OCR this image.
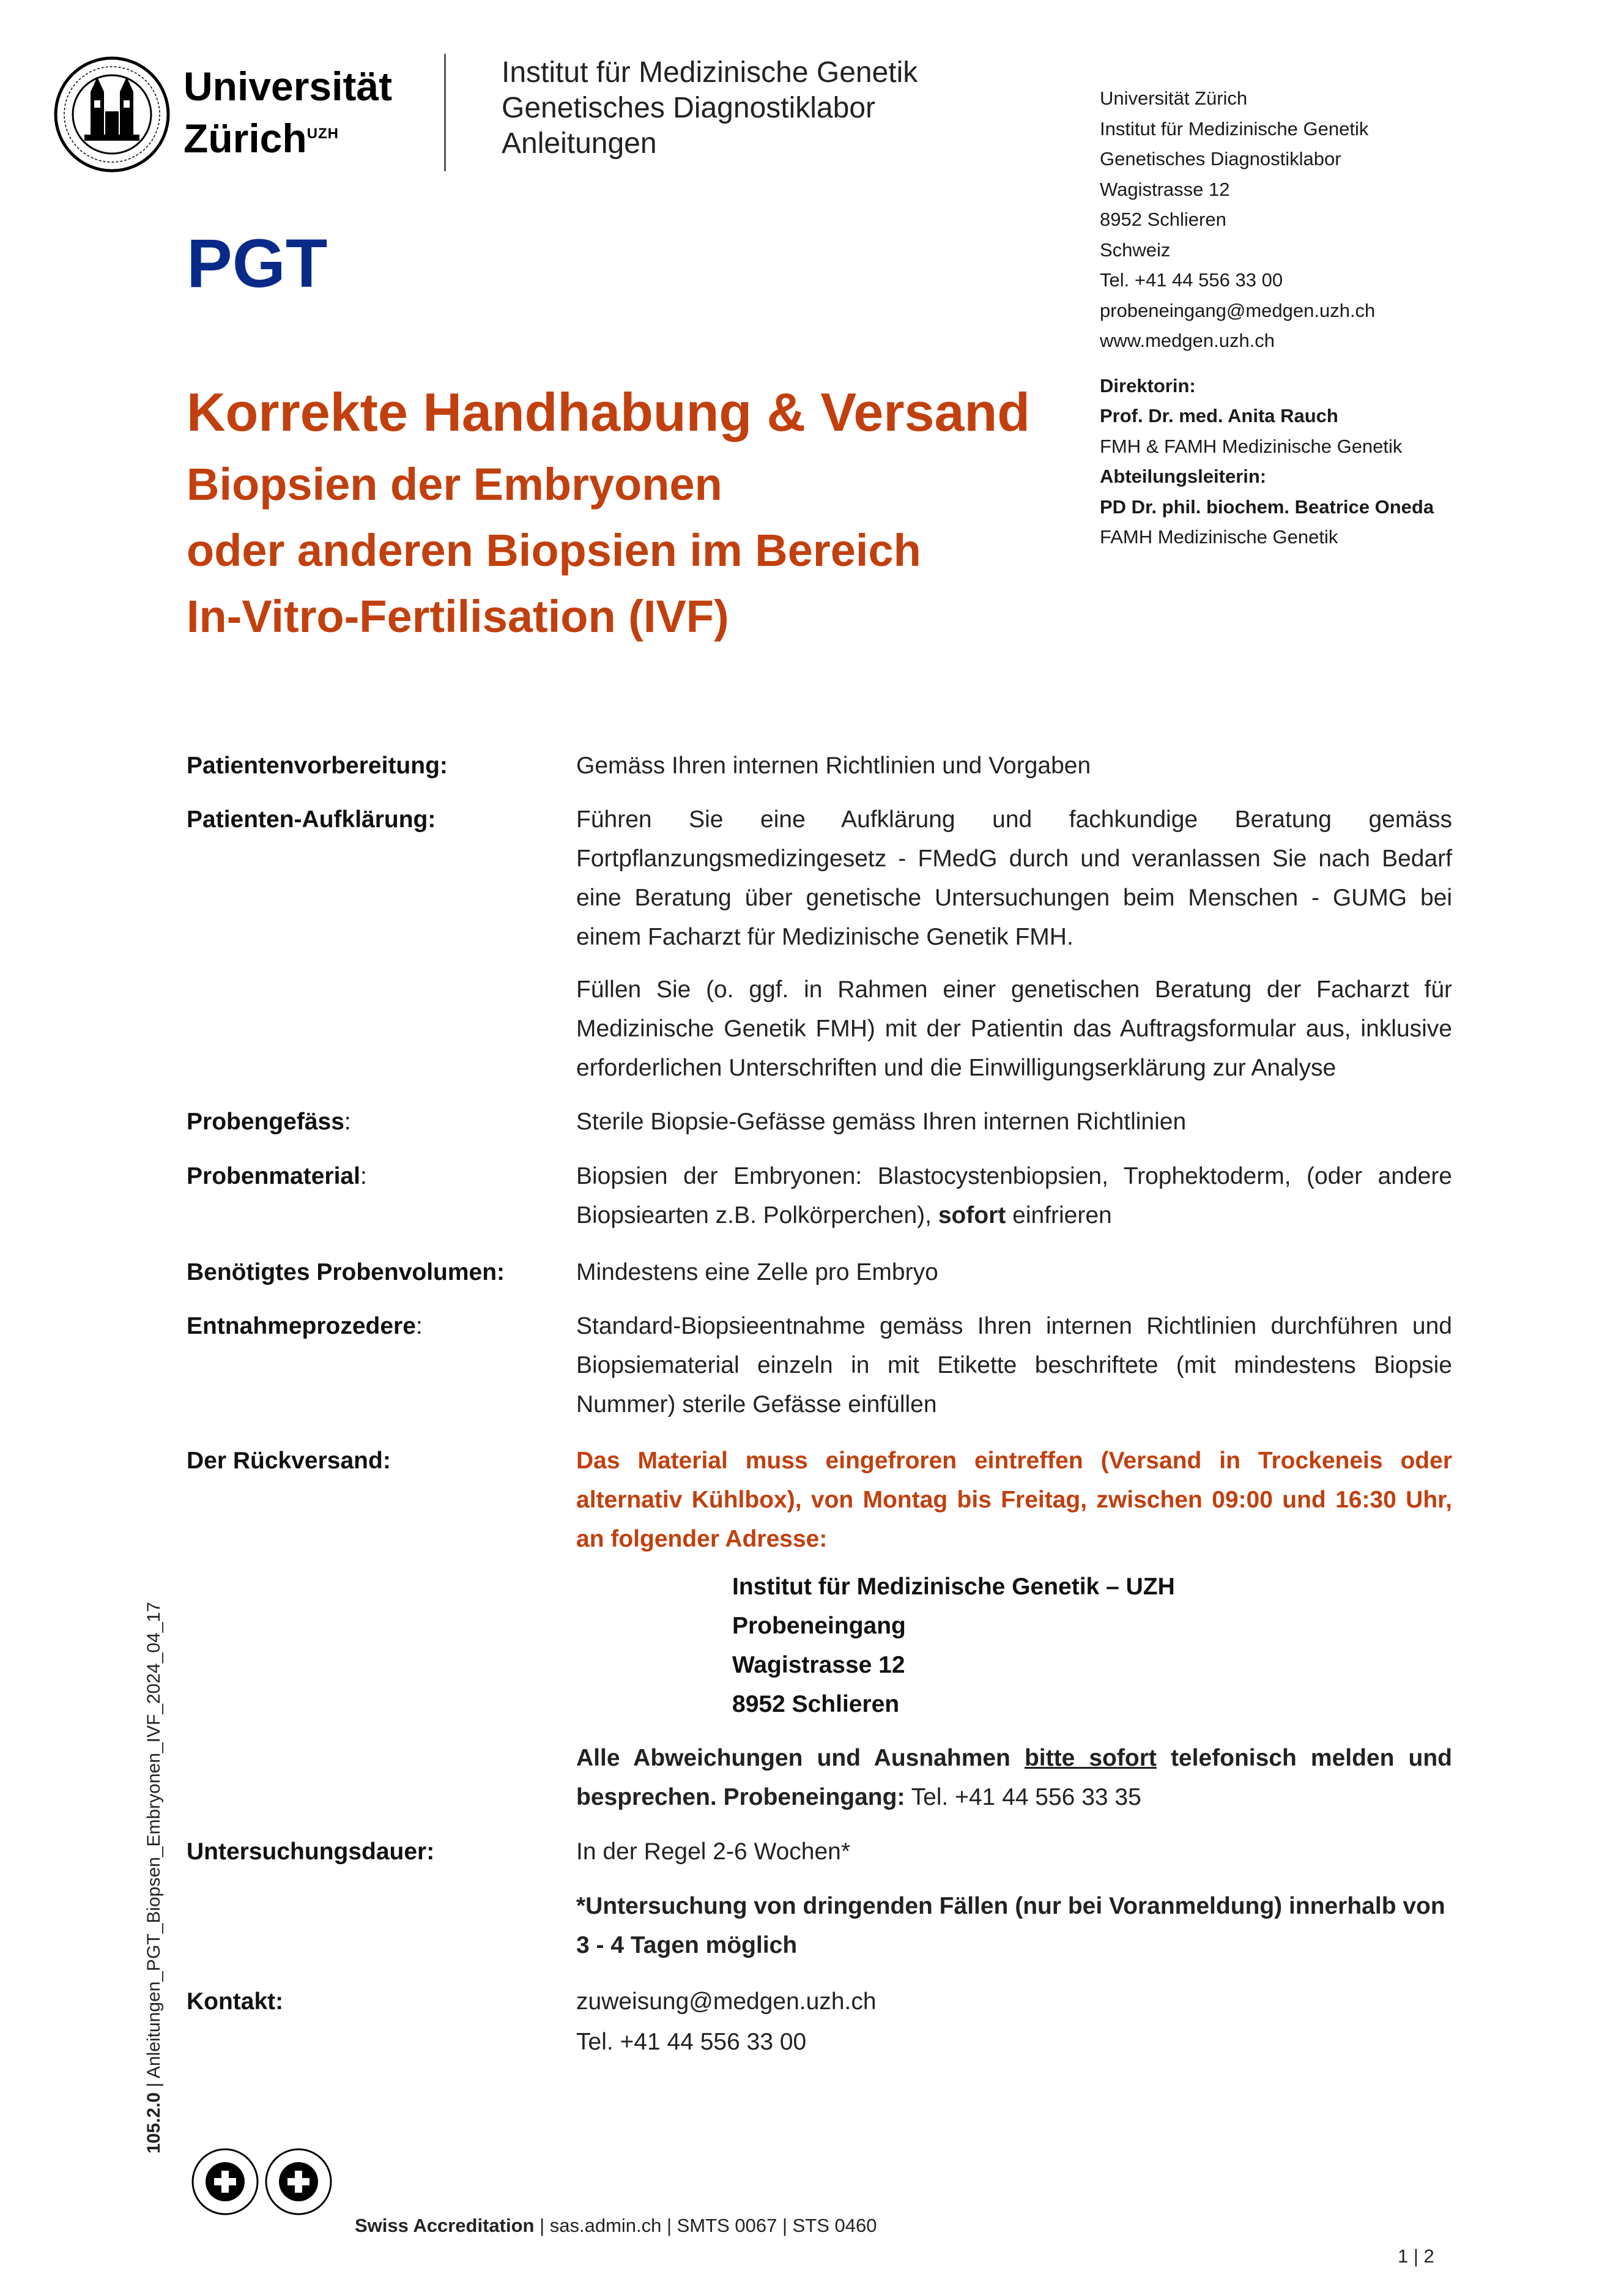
Universität
Zürich$^{UZH}$
Institut für Medizinische Genetik
Genetisches Diagnostiklabor
Anleitungen
Universität Zürich
Institut für Medizinische Genetik
Genetisches Diagnostiklabor
Wagistrasse 12
8952 Schlieren
Schweiz
Tel. +41 44 556 33 00
probeneingang@medgen.uzh.ch
www.medgen.uzh.ch
Direktorin:
Prof. Dr. med. Anita Rauch
FMH & FAMH Medizinische Genetik
Abteilungsleiterin:
PD Dr. phil. biochem. Beatrice Oneda
FAMH Medizinische Genetik
PGT
Korrekte Handhabung & Versand
Biopsien der Embryonen
oder anderen Biopsien im Bereich
In-Vitro-Fertilisation (IVF)
Patientenvorbereitung:	Gemäss Ihren internen Richtlinien und Vorgaben
Patienten-Aufklärung:	Führen Sie eine Aufklärung und fachkundige Beratung gemäss Fortpflanzungsmedizingesetz - FMedG durch und veranlassen Sie nach Bedarf eine Beratung über genetische Untersuchungen beim Menschen - GUMG bei einem Facharzt für Medizinische Genetik FMH.
Füllen Sie (o. ggf. in Rahmen einer genetischen Beratung der Facharzt für Medizinische Genetik FMH) mit der Patientin das Auftragsformular aus, inklusive erforderlichen Unterschriften und die Einwilligungserklärung zur Analyse
Probengefäss:	Sterile Biopsie-Gefässe gemäss Ihren internen Richtlinien
Probenmaterial:	Biopsien der Embryonen: Blastocystenbiopsien, Trophektoderm, (oder andere Biopsiearten z.B. Polkörperchen), sofort einfrieren
Benötigtes Probenvolumen:	Mindestens eine Zelle pro Embryo
Entnahmeprozedere:	Standard-Biopsieentnahme gemäss Ihren internen Richtlinien durchführen und Biopsiematerial einzeln in mit Etikette beschriftete (mit mindestens Biopsie Nummer) sterile Gefässe einfüllen
Der Rückversand:	Das Material muss eingefroren eintreffen (Versand in Trockeneis oder alternativ Kühlbox), von Montag bis Freitag, zwischen 09:00 und 16:30 Uhr, an folgender Adresse:
Institut für Medizinische Genetik – UZH
Probeneingang
Wagistrasse 12
8952 Schlieren
Alle Abweichungen und Ausnahmen bitte sofort telefonisch melden und besprechen. Probeneingang: Tel. +41 44 556 33 35
Untersuchungsdauer:	In der Regel 2-6 Wochen*
*Untersuchung von dringenden Fällen (nur bei Voranmeldung) innerhalb von 3 - 4 Tagen möglich
Kontakt:	zuweisung@medgen.uzh.ch
Tel. +41 44 556 33 00
105.2.0 | Anleitungen_PGT_Biopsen_Embryonen_IVF_2024_04_17
Swiss Accreditation | sas.admin.ch | SMTS 0067 | STS 0460
1 | 2
